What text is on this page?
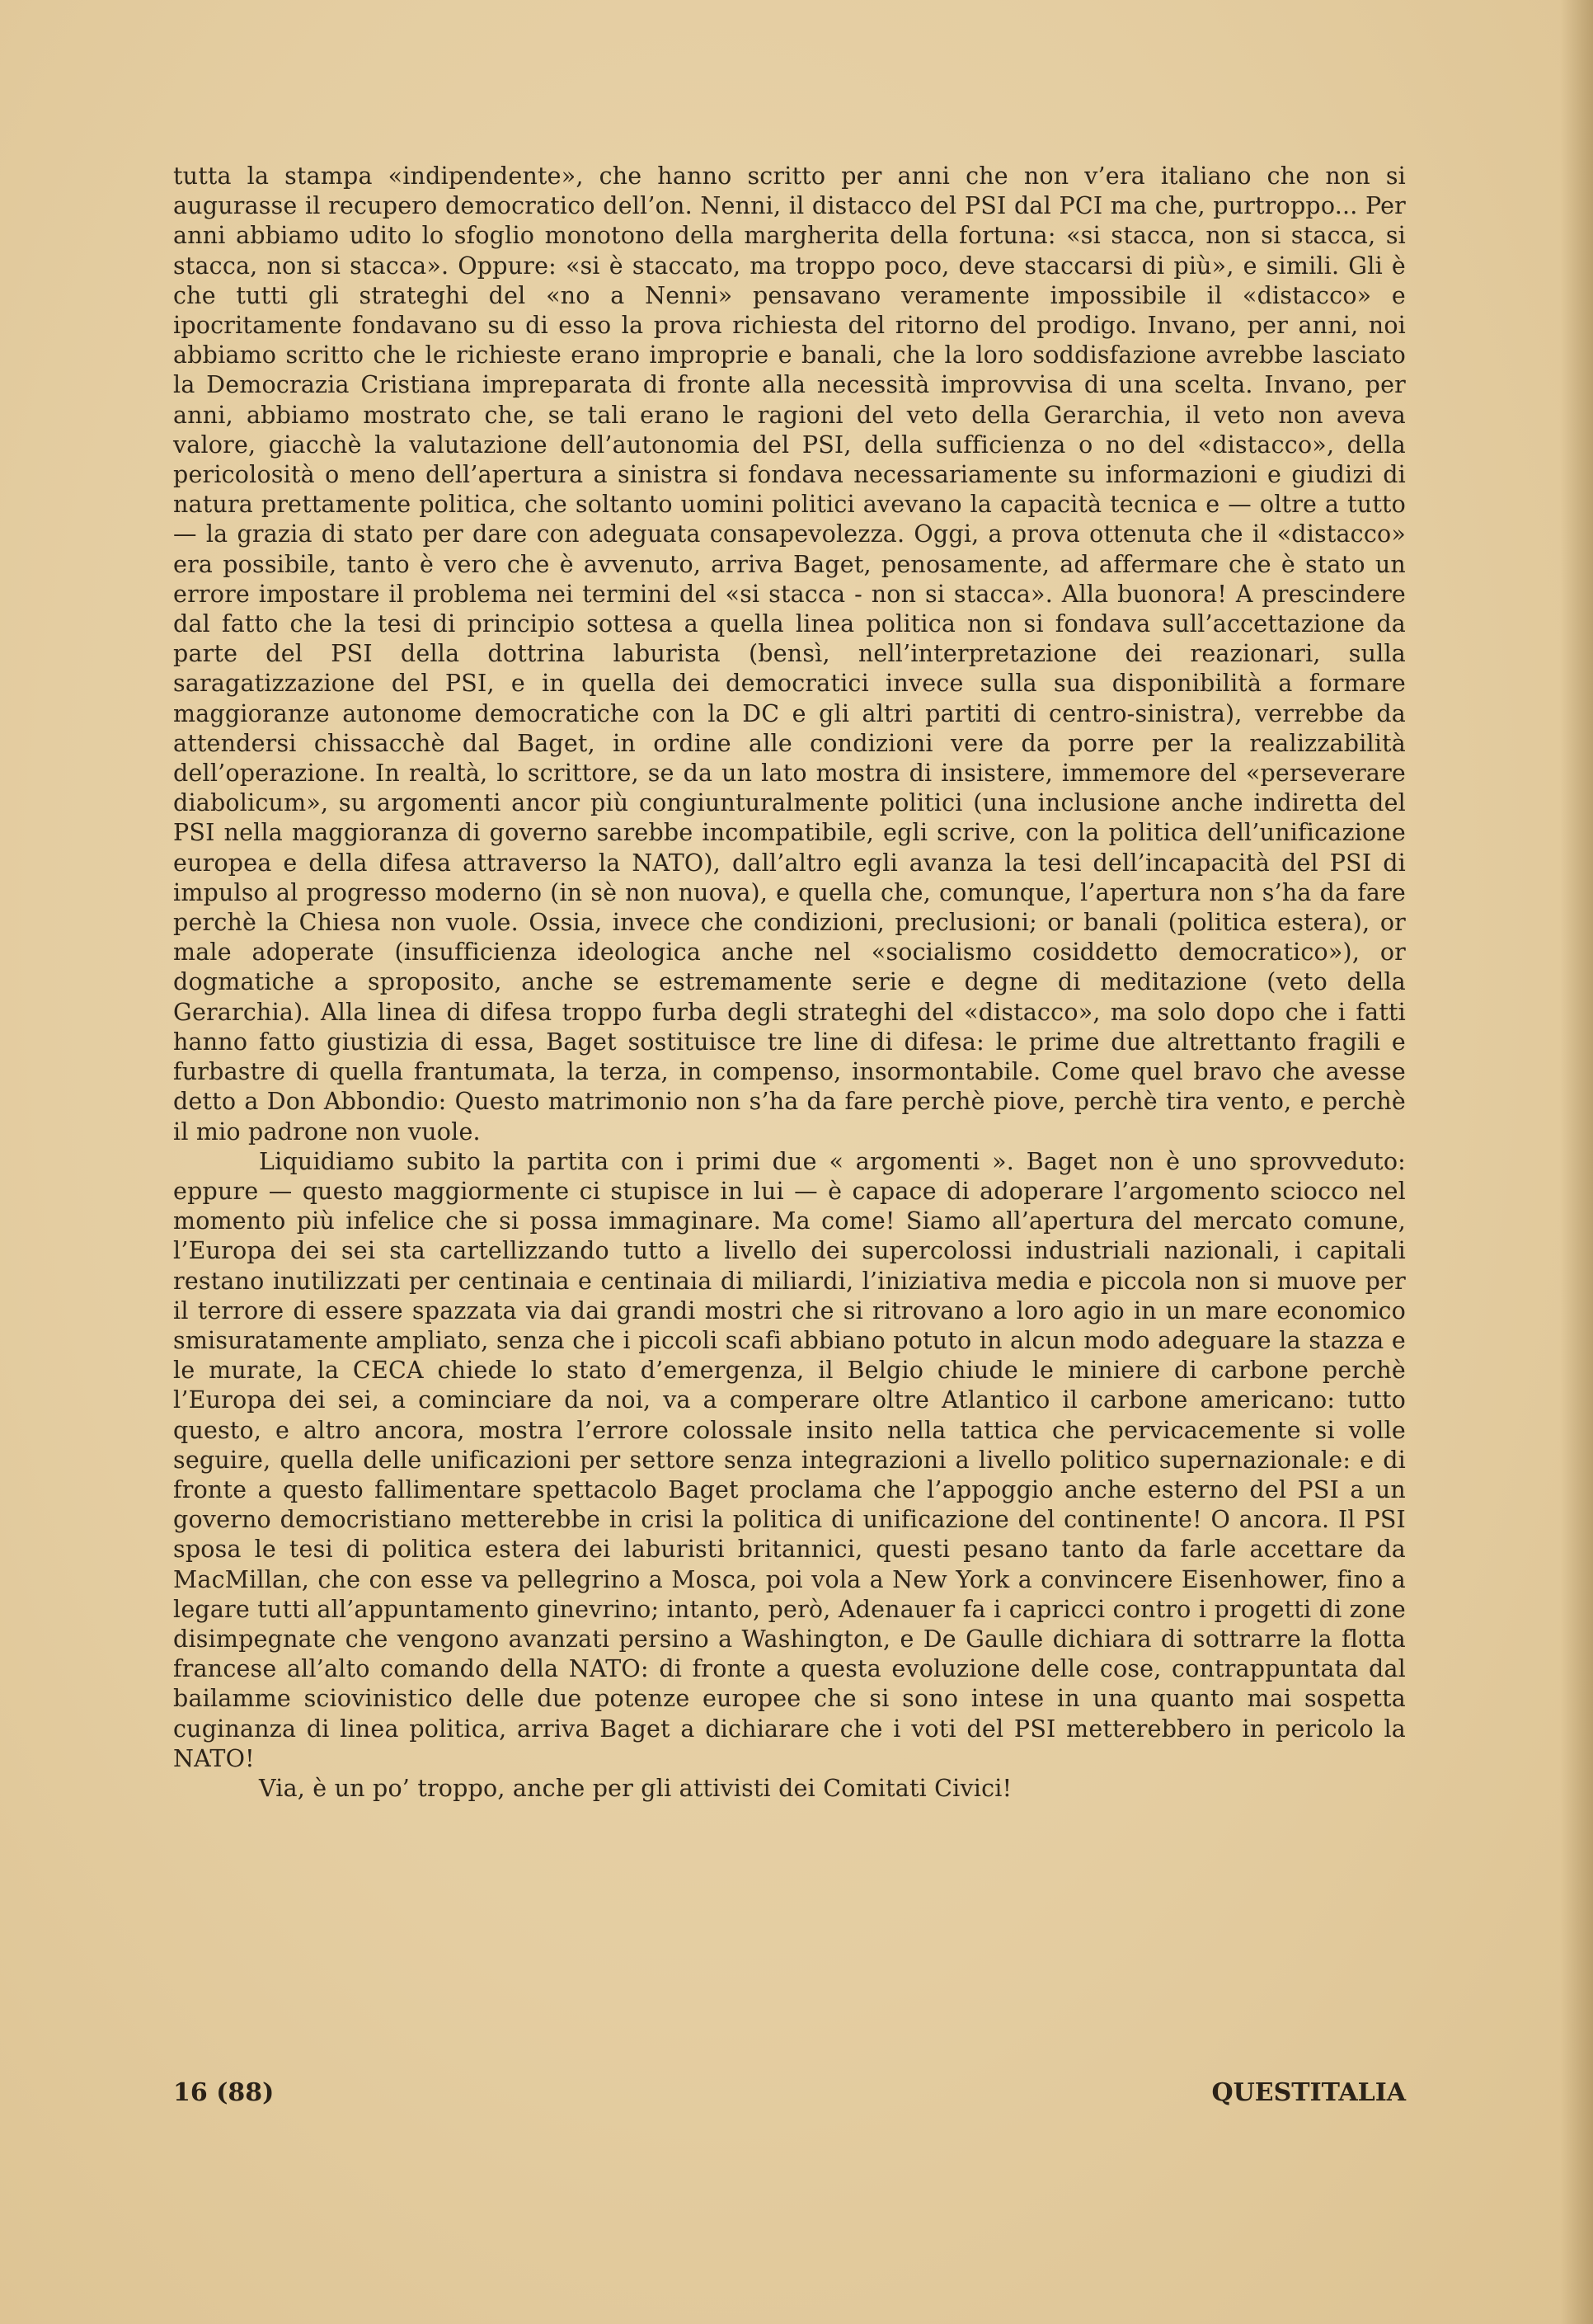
tutta la stampa «indipendente», che hanno scritto per anni che non v’era italiano che non si augurasse il recupero democratico dell’on. Nenni, il distacco del PSI dal PCI ma che, purtroppo... Per anni abbiamo udito lo sfoglio monotono della margherita della fortuna: «si stacca, non si stacca, si stacca, non si stacca». Oppure: «si è staccato, ma troppo poco, deve staccarsi di più», e simili. Gli è che tutti gli strateghi del «no a Nenni» pensavano veramente impossibile il «distacco» e ipocritamente fondavano su di esso la prova richiesta del ritorno del prodigo. Invano, per anni, noi abbiamo scritto che le richieste erano improprie e banali, che la loro soddisfazione avrebbe lasciato la Democrazia Cristiana impreparata di fronte alla necessità improvvisa di una scelta. Invano, per anni, abbiamo mostrato che, se tali erano le ragioni del veto della Gerarchia, il veto non aveva valore, giacchè la valutazione dell’autonomia del PSI, della sufficienza o no del «distacco», della pericolosità o meno dell’apertura a sinistra si fondava necessariamente su informazioni e giudizi di natura prettamente politica, che soltanto uomini politici avevano la capacità tecnica e — oltre a tutto — la grazia di stato per dare con adeguata consapevolezza. Oggi, a prova ottenuta che il «distacco» era possibile, tanto è vero che è avvenuto, arriva Baget, penosamente, ad affermare che è stato un errore impostare il problema nei termini del «si stacca - non si stacca». Alla buonora! A prescindere dal fatto che la tesi di principio sottesa a quella linea politica non si fondava sull’accettazione da parte del PSI della dottrina laburista (bensì, nell’interpretazione dei reazionari, sulla saragatizzazione del PSI, e in quella dei democratici invece sulla sua disponibilità a formare maggioranze autonome democratiche con la DC e gli altri partiti di centro-sinistra), verrebbe da attendersi chissacchè dal Baget, in ordine alle condizioni vere da porre per la realizzabilità dell’operazione. In realtà, lo scrittore, se da un lato mostra di insistere, immemore del «perseverare diabolicum», su argomenti ancor più congiunturalmente politici (una inclusione anche indiretta del PSI nella maggioranza di governo sarebbe incompatibile, egli scrive, con la politica dell’unificazione europea e della difesa attraverso la NATO), dall’altro egli avanza la tesi dell’incapacità del PSI di impulso al progresso moderno (in sè non nuova), e quella che, comunque, l’apertura non s’ha da fare perchè la Chiesa non vuole. Ossia, invece che condizioni, preclusioni; or banali (politica estera), or male adoperate (insufficienza ideologica anche nel «socialismo cosiddetto democratico»), or dogmatiche a sproposito, anche se estremamente serie e degne di meditazione (veto della Gerarchia). Alla linea di difesa troppo furba degli strateghi del «distacco», ma solo dopo che i fatti hanno fatto giustizia di essa, Baget sostituisce tre line di difesa: le prime due altrettanto fragili e furbastre di quella frantumata, la terza, in compenso, insormontabile. Come quel bravo che avesse detto a Don Abbondio: Questo matrimonio non s’ha da fare perchè piove, perchè tira vento, e perchè il mio padrone non vuole.

Liquidiamo subito la partita con i primi due « argomenti ». Baget non è uno sprovveduto: eppure — questo maggiormente ci stupisce in lui — è capace di adoperare l’argomento sciocco nel momento più infelice che si possa immaginare. Ma come! Siamo all’apertura del mercato comune, l’Europa dei sei sta cartellizzando tutto a livello dei supercolossi industriali nazionali, i capitali restano inutilizzati per centinaia e centinaia di miliardi, l’iniziativa media e piccola non si muove per il terrore di essere spazzata via dai grandi mostri che si ritrovano a loro agio in un mare economico smisuratamente ampliato, senza che i piccoli scafi abbiano potuto in alcun modo adeguare la stazza e le murate, la CECA chiede lo stato d’emergenza, il Belgio chiude le miniere di carbone perchè l’Europa dei sei, a cominciare da noi, va a comperare oltre Atlantico il carbone americano: tutto questo, e altro ancora, mostra l’errore colossale insito nella tattica che pervicacemente si volle seguire, quella delle unificazioni per settore senza integrazioni a livello politico supernazionale: e di fronte a questo fallimentare spettacolo Baget proclama che l’appoggio anche esterno del PSI a un governo democristiano metterebbe in crisi la politica di unificazione del continente! O ancora. Il PSI sposa le tesi di politica estera dei laburisti britannici, questi pesano tanto da farle accettare da MacMillan, che con esse va pellegrino a Mosca, poi vola a New York a convincere Eisenhower, fino a legare tutti all’appuntamento ginevrino; intanto, però, Adenauer fa i capricci contro i progetti di zone disimpegnate che vengono avanzati persino a Washington, e De Gaulle dichiara di sottrarre la flotta francese all’alto comando della NATO: di fronte a questa evoluzione delle cose, contrappuntata dal bailamme sciovinistico delle due potenze europee che si sono intese in una quanto mai sospetta cuginanza di linea politica, arriva Baget a dichiarare che i voti del PSI metterebbero in pericolo la NATO!

Via, è un po’ troppo, anche per gli attivisti dei Comitati Civici!

16 (88)	QUESTITALIA
